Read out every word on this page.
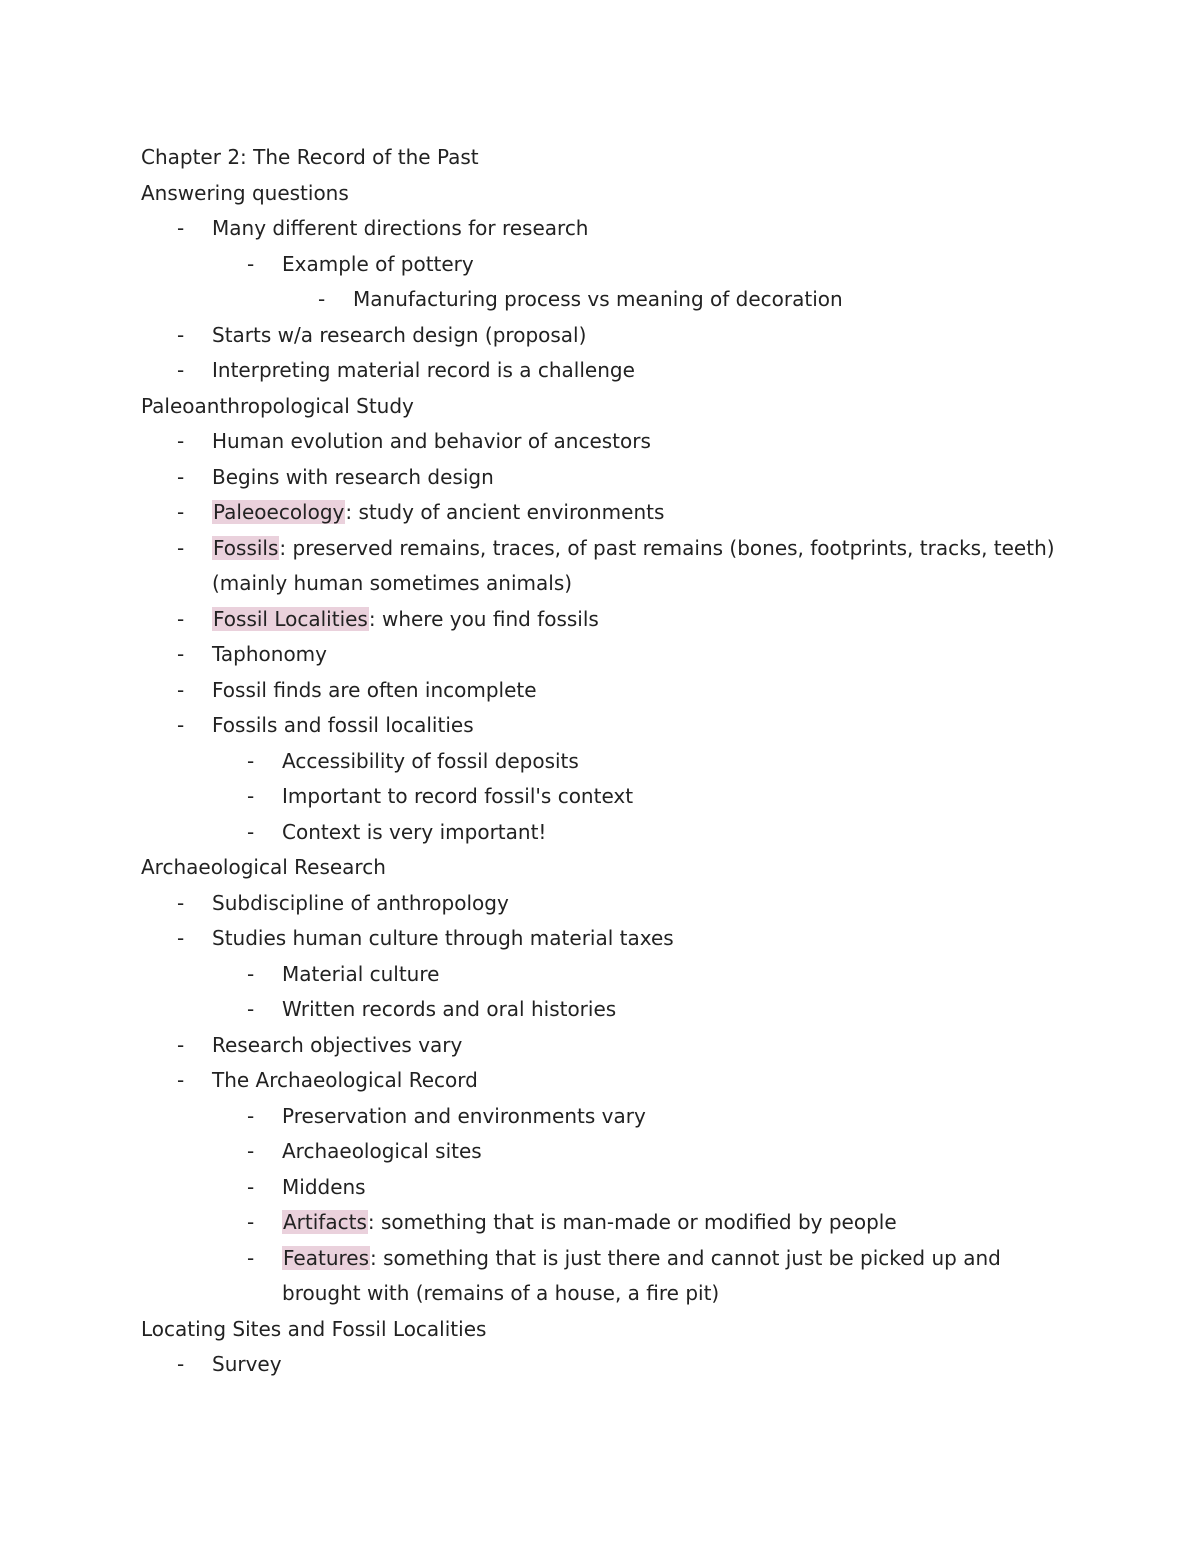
Chapter 2: The Record of the Past
Answering questions
-	Many different directions for research
-	Example of pottery
-	Manufacturing process vs meaning of decoration
-	Starts w/a research design (proposal)
-	Interpreting material record is a challenge
Paleoanthropological Study
-	Human evolution and behavior of ancestors
-	Begins with research design
-	Paleoecology: study of ancient environments
-	Fossils: preserved remains, traces, of past remains (bones, footprints, tracks, teeth)
(mainly human sometimes animals)
-	Fossil Localities: where you find fossils
-	Taphonomy
-	Fossil finds are often incomplete
-	Fossils and fossil localities
-	Accessibility of fossil deposits
-	Important to record fossil's context
-	Context is very important!
Archaeological Research
-	Subdiscipline of anthropology
-	Studies human culture through material taxes
-	Material culture
-	Written records and oral histories
-	Research objectives vary
-	The Archaeological Record
-	Preservation and environments vary
-	Archaeological sites
-	Middens
-	Artifacts: something that is man-made or modified by people
-	Features: something that is just there and cannot just be picked up and
brought with (remains of a house, a fire pit)
Locating Sites and Fossil Localities
-	Survey
